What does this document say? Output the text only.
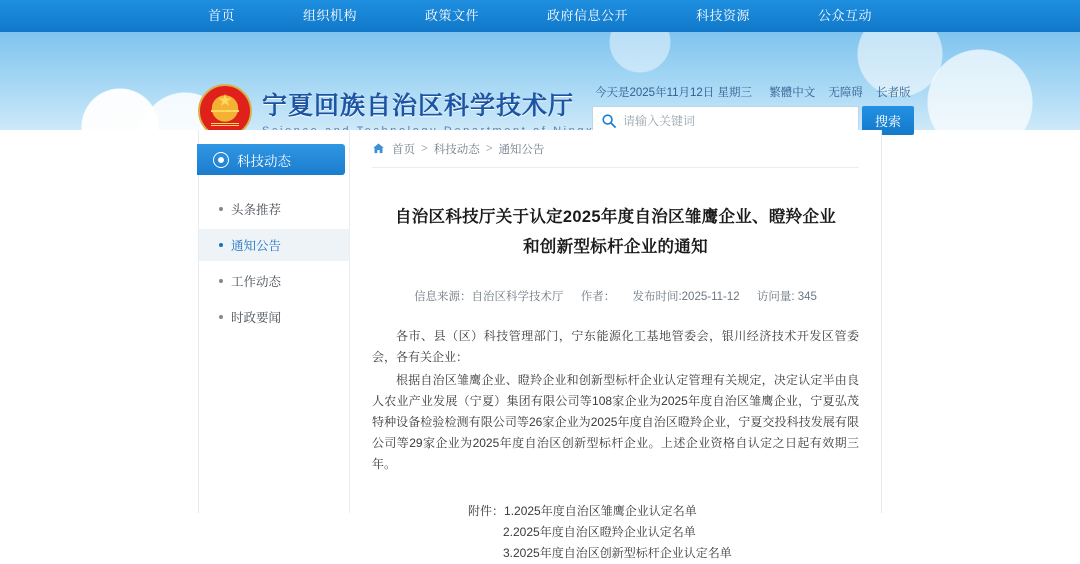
首页	组织机构	政策文件	政府信息公开	科技资源	公众互动
★
宁夏回族自治区科学技术厅	今天是2025年11月12日 星期三 繁體中文 无障碍 长者版
请输入关键词
搜索
科技动态
头条推荐
通知公告
工作动态
时政要闻
首页 > 科技动态 > 通知公告
自治区科技厅关于认定2025年度自治区雏鹰企业、瞪羚企业
和创新型标杆企业的通知
信息来源：自治区科学技术厅 作者： 发布时间:2025-11-12 访问量: 345

各市、县（区）科技管理部门，宁东能源化工基地管委会，银川经济技术开发区管委会，各有关企业：

根据自治区雏鹰企业、瞪羚企业和创新型标杆企业认定管理有关规定，决定认定半由良人农业产业发展（宁夏）集团有限公司等108家企业为2025年度自治区雏鹰企业，宁夏弘茂特种设备检验检测有限公司等26家企业为2025年度自治区瞪羚企业，宁夏交投科技发展有限公司等29家企业为2025年度自治区创新型标杆企业。上述企业资格自认定之日起有效期三年。

附件：1.2025年度自治区雏鹰企业认定名单
2.2025年度自治区瞪羚企业认定名单
3.2025年度自治区创新型标杆企业认定名单
